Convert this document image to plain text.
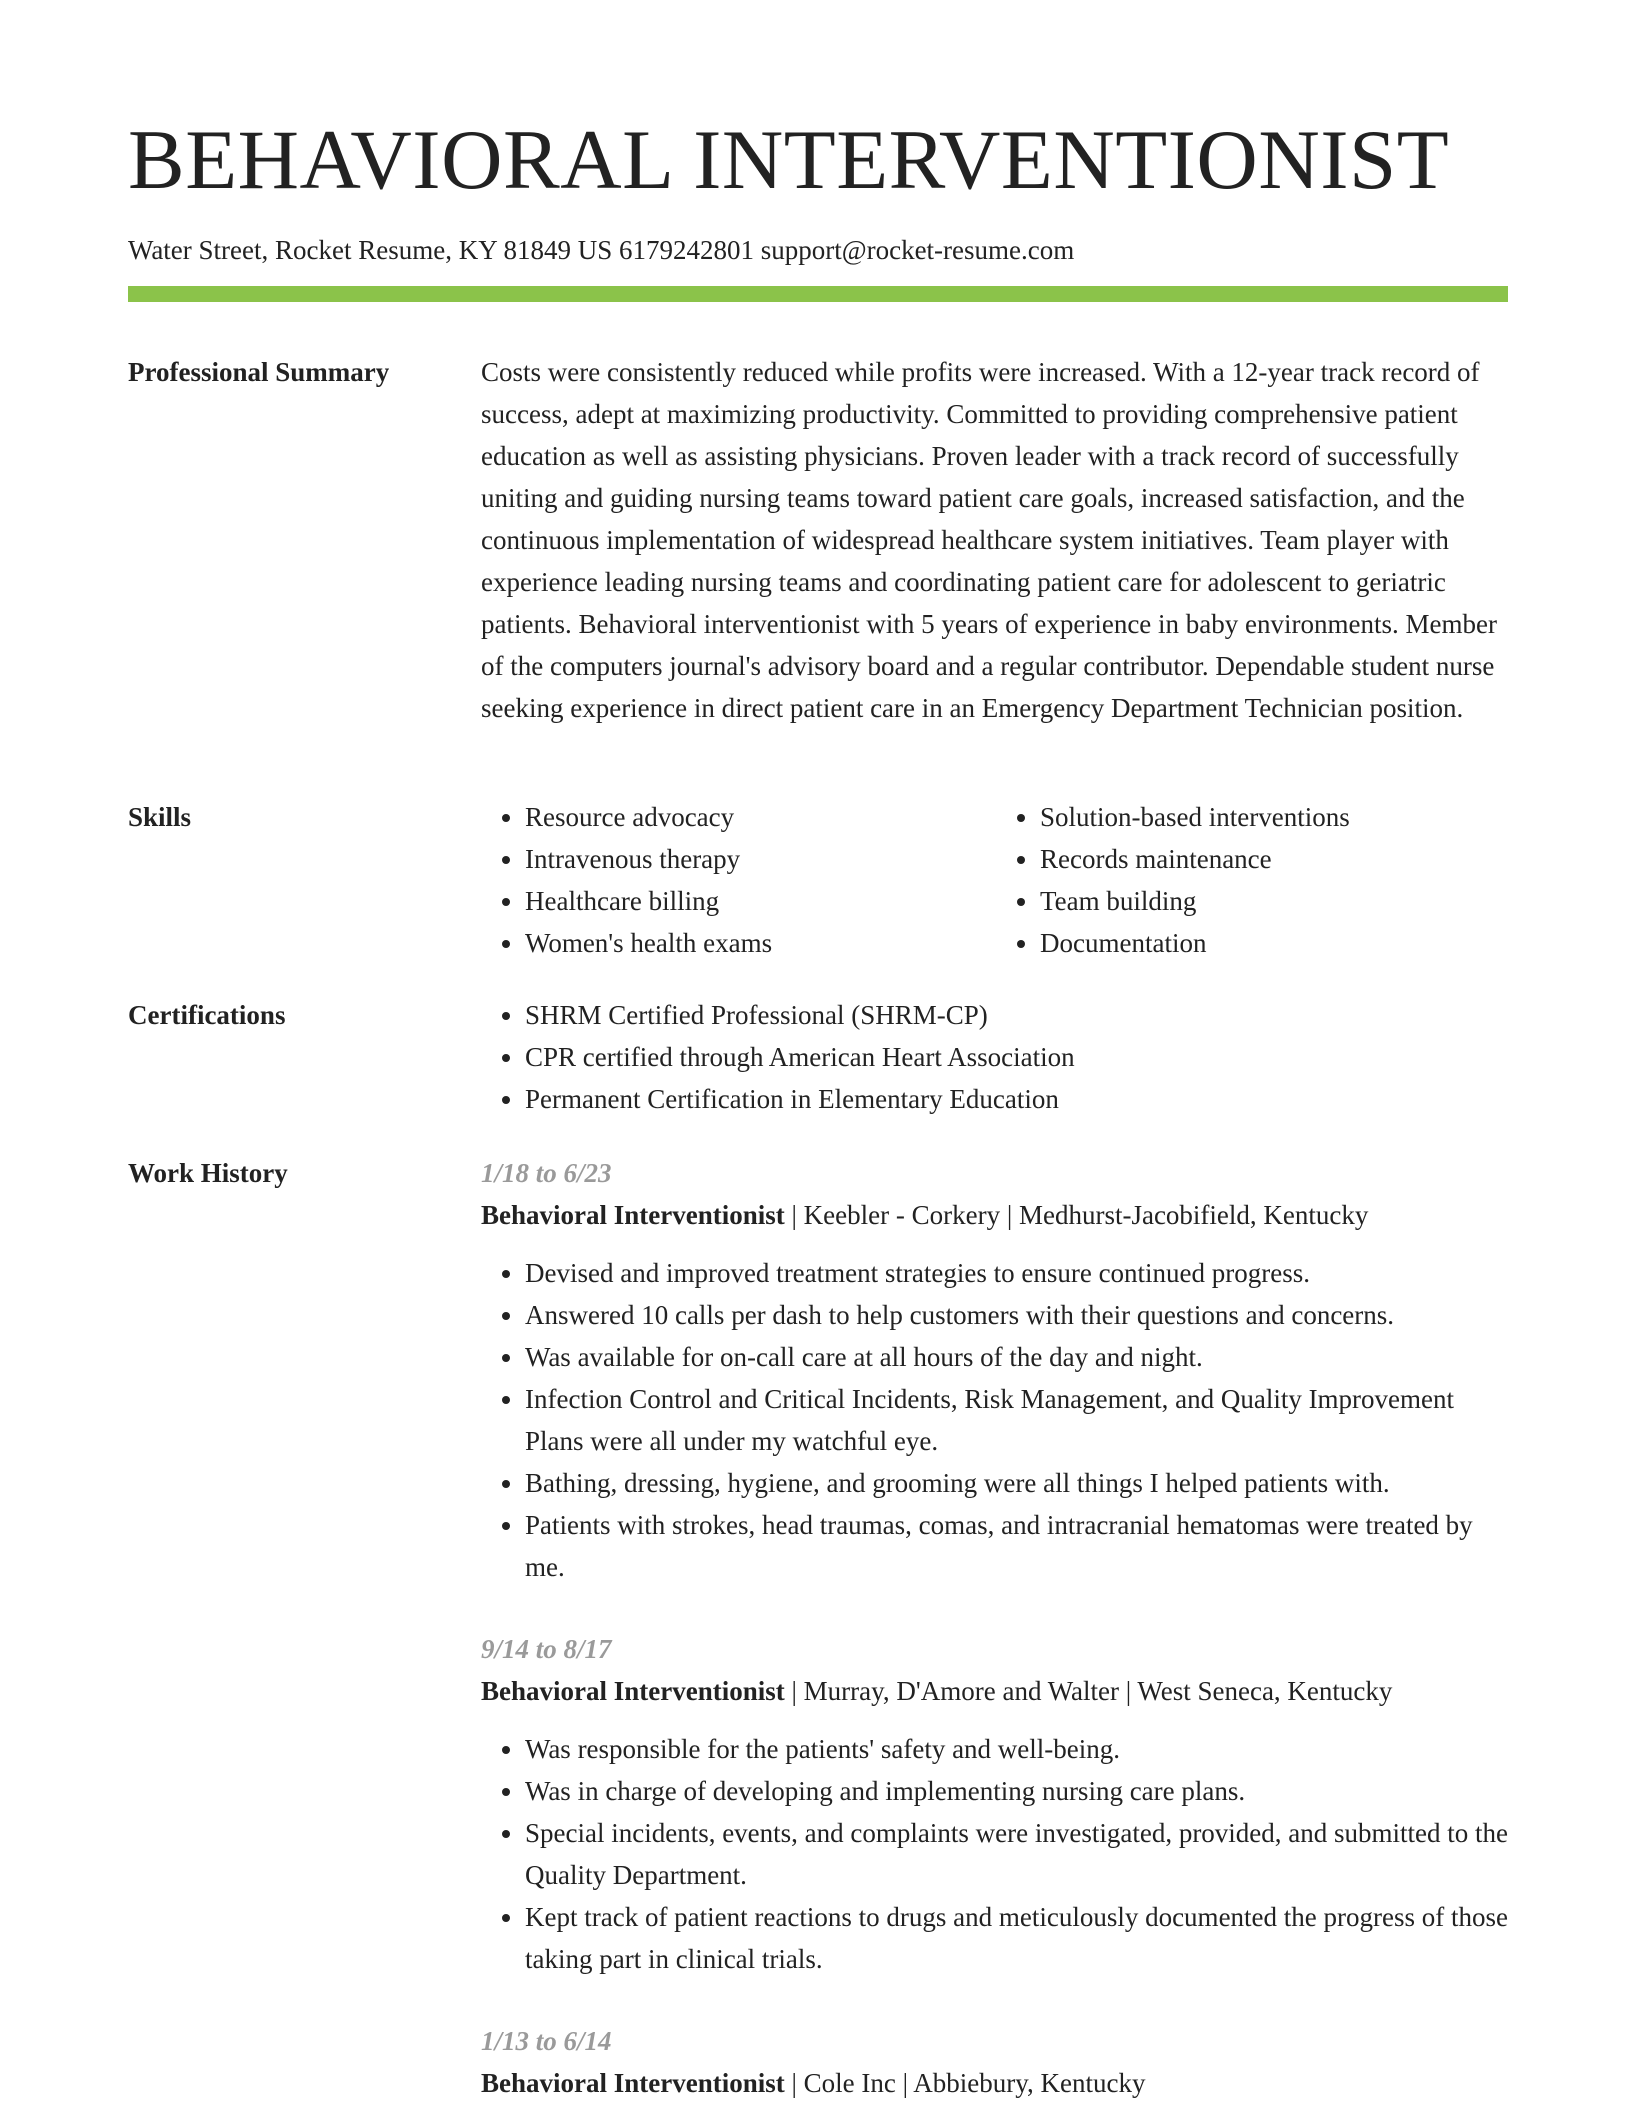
BEHAVIORAL INTERVENTIONIST
Water Street, Rocket Resume, KY 81849 US 6179242801 support@rocket-resume.com
Professional Summary	Costs were consistently reduced while profits were increased. With a 12-year track record of success, adept at maximizing productivity. Committed to providing comprehensive patient education as well as assisting physicians. Proven leader with a track record of successfully uniting and guiding nursing teams toward patient care goals, increased satisfaction, and the continuous implementation of widespread healthcare system initiatives. Team player with experience leading nursing teams and coordinating patient care for adolescent to geriatric patients. Behavioral interventionist with 5 years of experience in baby environments. Member of the computers journal's advisory board and a regular contributor. Dependable student nurse seeking experience in direct patient care in an Emergency Department Technician position.

Skills	• Resource advocacy
• Intravenous therapy
• Healthcare billing
• Women's health exams
• Solution-based interventions
• Records maintenance
• Team building
• Documentation
Certifications	• SHRM Certified Professional (SHRM-CP)
• CPR certified through American Heart Association
• Permanent Certification in Elementary Education
Work History	1/18 to 6/23
Behavioral Interventionist | Keebler - Corkery | Medhurst-Jacobifield, Kentucky
• Devised and improved treatment strategies to ensure continued progress.
• Answered 10 calls per dash to help customers with their questions and concerns.
• Was available for on-call care at all hours of the day and night.
• Infection Control and Critical Incidents, Risk Management, and Quality Improvement Plans were all under my watchful eye.
• Bathing, dressing, hygiene, and grooming were all things I helped patients with.
• Patients with strokes, head traumas, comas, and intracranial hematomas were treated by me.
9/14 to 8/17
Behavioral Interventionist | Murray, D'Amore and Walter | West Seneca, Kentucky
• Was responsible for the patients' safety and well-being.
• Was in charge of developing and implementing nursing care plans.
• Special incidents, events, and complaints were investigated, provided, and submitted to the Quality Department.
• Kept track of patient reactions to drugs and meticulously documented the progress of those taking part in clinical trials.
1/13 to 6/14
Behavioral Interventionist | Cole Inc | Abbiebury, Kentucky
